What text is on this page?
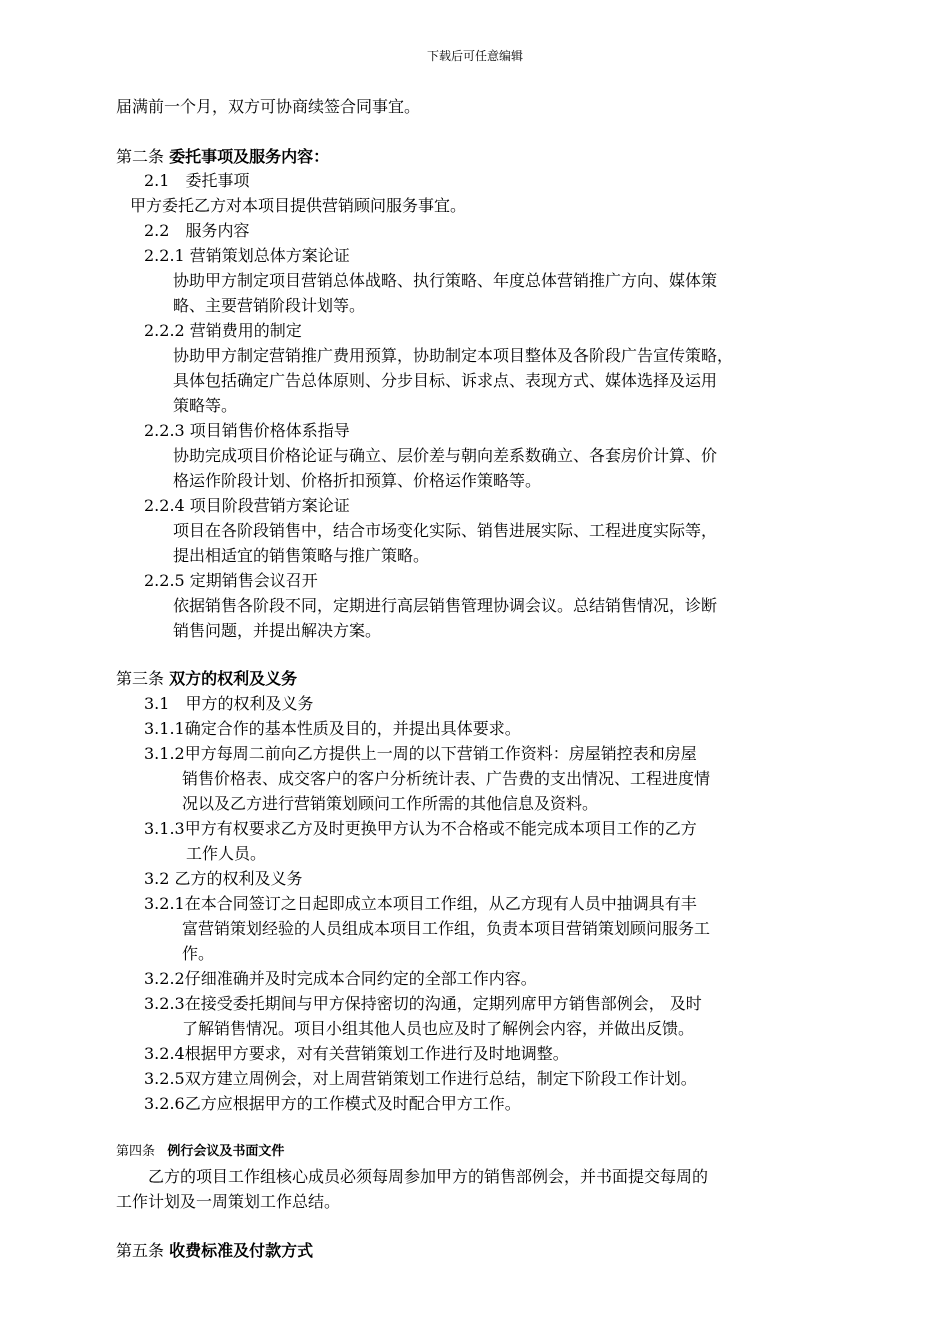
下载后可任意编辑
届满前一个月，双方可协商续签合同事宜。
第二条 委托事项及服务内容：
2.1　委托事项
甲方委托乙方对本项目提供营销顾问服务事宜。
2.2　服务内容
2.2.1 营销策划总体方案论证
协助甲方制定项目营销总体战略、执行策略、年度总体营销推广方向、媒体策
略、主要营销阶段计划等。
2.2.2 营销费用的制定
协助甲方制定营销推广费用预算，协助制定本项目整体及各阶段广告宣传策略，
具体包括确定广告总体原则、分步目标、诉求点、表现方式、媒体选择及运用
策略等。
2.2.3 项目销售价格体系指导
协助完成项目价格论证与确立、层价差与朝向差系数确立、各套房价计算、价
格运作阶段计划、价格折扣预算、价格运作策略等。
2.2.4 项目阶段营销方案论证
项目在各阶段销售中，结合市场变化实际、销售进展实际、工程进度实际等，
提出相适宜的销售策略与推广策略。
2.2.5 定期销售会议召开
依据销售各阶段不同，定期进行高层销售管理协调会议。总结销售情况，诊断
销售问题，并提出解决方案。
第三条 双方的权利及义务
3.1　甲方的权利及义务
3.1.1确定合作的基本性质及目的，并提出具体要求。
3.1.2甲方每周二前向乙方提供上一周的以下营销工作资料：房屋销控表和房屋
销售价格表、成交客户的客户分析统计表、广告费的支出情况、工程进度情
况以及乙方进行营销策划顾问工作所需的其他信息及资料。
3.1.3甲方有权要求乙方及时更换甲方认为不合格或不能完成本项目工作的乙方
工作人员。
3.2 乙方的权利及义务
3.2.1在本合同签订之日起即成立本项目工作组，从乙方现有人员中抽调具有丰
富营销策划经验的人员组成本项目工作组，负责本项目营销策划顾问服务工
作。
3.2.2仔细准确并及时完成本合同约定的全部工作内容。
3.2.3在接受委托期间与甲方保持密切的沟通，定期列席甲方销售部例会， 及时
了解销售情况。项目小组其他人员也应及时了解例会内容，并做出反馈。
3.2.4根据甲方要求，对有关营销策划工作进行及时地调整。
3.2.5双方建立周例会，对上周营销策划工作进行总结，制定下阶段工作计划。
3.2.6乙方应根据甲方的工作模式及时配合甲方工作。
第四条 例行会议及书面文件
乙方的项目工作组核心成员必须每周参加甲方的销售部例会，并书面提交每周的
工作计划及一周策划工作总结。
第五条 收费标准及付款方式
